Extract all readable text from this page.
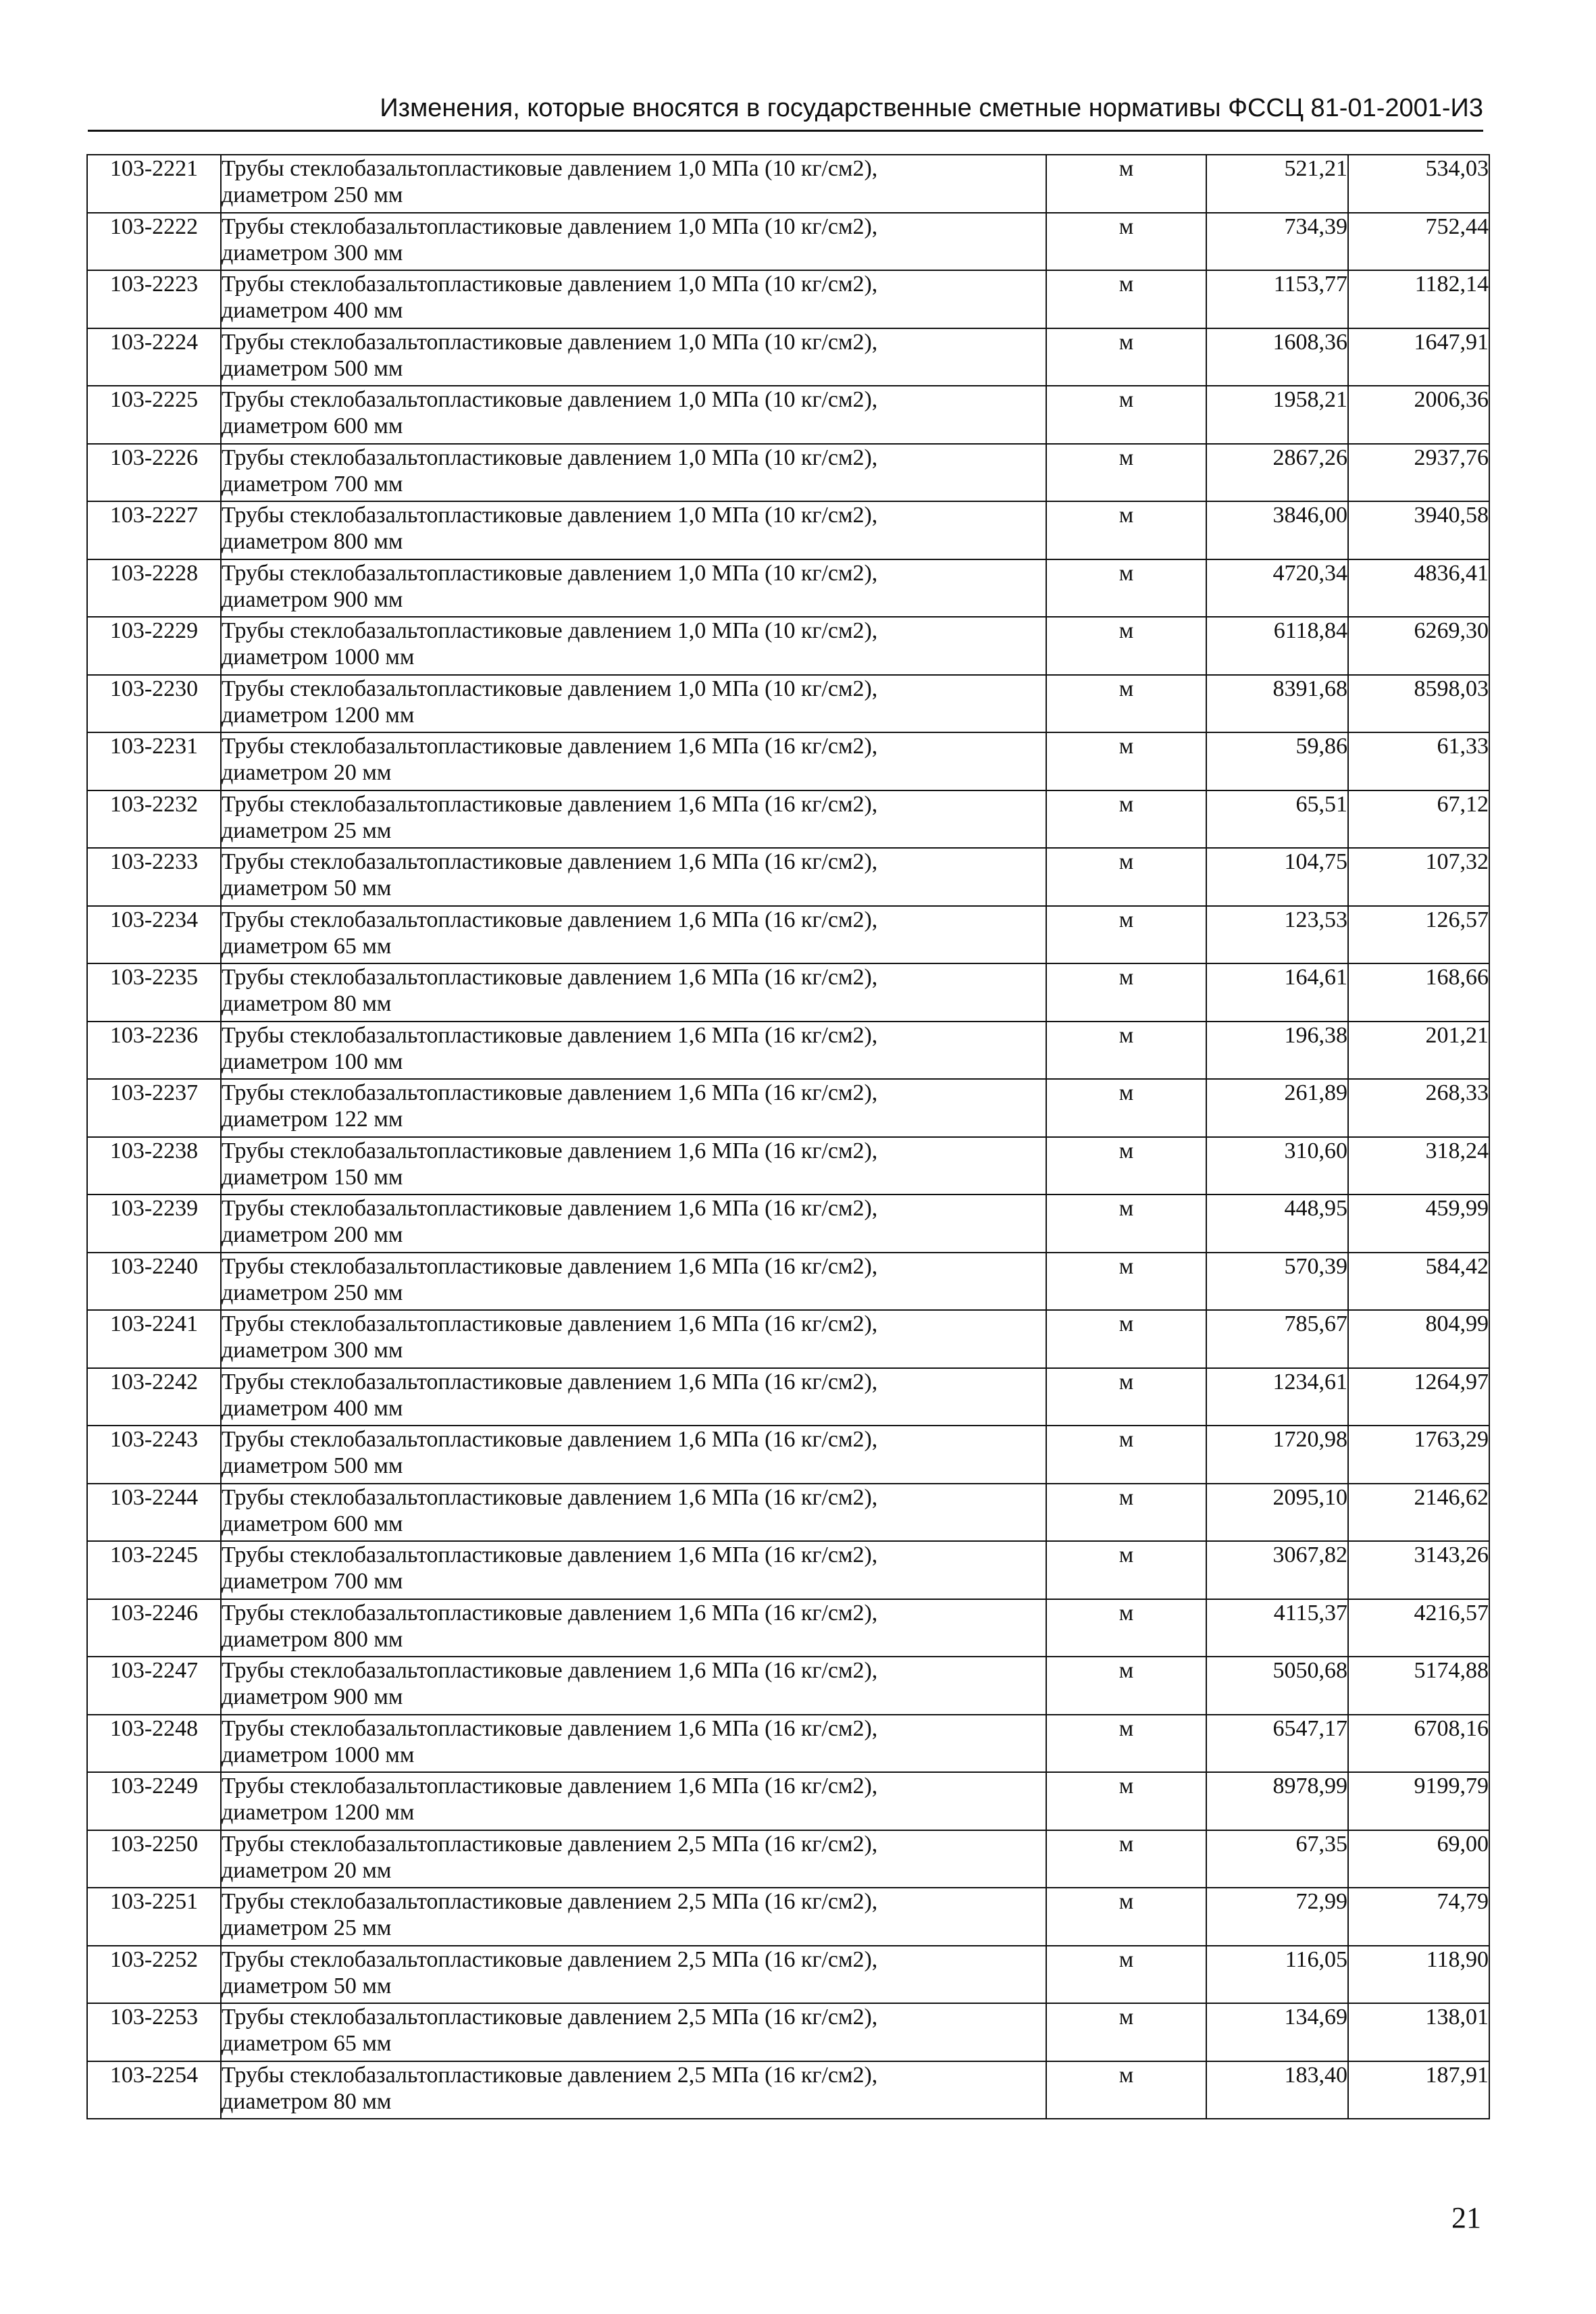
Изменения, которые вносятся в государственные сметные нормативы ФССЦ 81-01-2001-И3
103-2221	Трубы стеклобазальтопластиковые давлением 1,0 МПа (10 кг/см2),
диаметром 250 мм	м	521,21	534,03
103-2222	Трубы стеклобазальтопластиковые давлением 1,0 МПа (10 кг/см2),
диаметром 300 мм	м	734,39	752,44
103-2223	Трубы стеклобазальтопластиковые давлением 1,0 МПа (10 кг/см2),
диаметром 400 мм	м	1153,77	1182,14
103-2224	Трубы стеклобазальтопластиковые давлением 1,0 МПа (10 кг/см2),
диаметром 500 мм	м	1608,36	1647,91
103-2225	Трубы стеклобазальтопластиковые давлением 1,0 МПа (10 кг/см2),
диаметром 600 мм	м	1958,21	2006,36
103-2226	Трубы стеклобазальтопластиковые давлением 1,0 МПа (10 кг/см2),
диаметром 700 мм	м	2867,26	2937,76
103-2227	Трубы стеклобазальтопластиковые давлением 1,0 МПа (10 кг/см2),
диаметром 800 мм	м	3846,00	3940,58
103-2228	Трубы стеклобазальтопластиковые давлением 1,0 МПа (10 кг/см2),
диаметром 900 мм	м	4720,34	4836,41
103-2229	Трубы стеклобазальтопластиковые давлением 1,0 МПа (10 кг/см2),
диаметром 1000 мм	м	6118,84	6269,30
103-2230	Трубы стеклобазальтопластиковые давлением 1,0 МПа (10 кг/см2),
диаметром 1200 мм	м	8391,68	8598,03
103-2231	Трубы стеклобазальтопластиковые давлением 1,6 МПа (16 кг/см2),
диаметром 20 мм	м	59,86	61,33
103-2232	Трубы стеклобазальтопластиковые давлением 1,6 МПа (16 кг/см2),
диаметром 25 мм	м	65,51	67,12
103-2233	Трубы стеклобазальтопластиковые давлением 1,6 МПа (16 кг/см2),
диаметром 50 мм	м	104,75	107,32
103-2234	Трубы стеклобазальтопластиковые давлением 1,6 МПа (16 кг/см2),
диаметром 65 мм	м	123,53	126,57
103-2235	Трубы стеклобазальтопластиковые давлением 1,6 МПа (16 кг/см2),
диаметром 80 мм	м	164,61	168,66
103-2236	Трубы стеклобазальтопластиковые давлением 1,6 МПа (16 кг/см2),
диаметром 100 мм	м	196,38	201,21
103-2237	Трубы стеклобазальтопластиковые давлением 1,6 МПа (16 кг/см2),
диаметром 122 мм	м	261,89	268,33
103-2238	Трубы стеклобазальтопластиковые давлением 1,6 МПа (16 кг/см2),
диаметром 150 мм	м	310,60	318,24
103-2239	Трубы стеклобазальтопластиковые давлением 1,6 МПа (16 кг/см2),
диаметром 200 мм	м	448,95	459,99
103-2240	Трубы стеклобазальтопластиковые давлением 1,6 МПа (16 кг/см2),
диаметром 250 мм	м	570,39	584,42
103-2241	Трубы стеклобазальтопластиковые давлением 1,6 МПа (16 кг/см2),
диаметром 300 мм	м	785,67	804,99
103-2242	Трубы стеклобазальтопластиковые давлением 1,6 МПа (16 кг/см2),
диаметром 400 мм	м	1234,61	1264,97
103-2243	Трубы стеклобазальтопластиковые давлением 1,6 МПа (16 кг/см2),
диаметром 500 мм	м	1720,98	1763,29
103-2244	Трубы стеклобазальтопластиковые давлением 1,6 МПа (16 кг/см2),
диаметром 600 мм	м	2095,10	2146,62
103-2245	Трубы стеклобазальтопластиковые давлением 1,6 МПа (16 кг/см2),
диаметром 700 мм	м	3067,82	3143,26
103-2246	Трубы стеклобазальтопластиковые давлением 1,6 МПа (16 кг/см2),
диаметром 800 мм	м	4115,37	4216,57
103-2247	Трубы стеклобазальтопластиковые давлением 1,6 МПа (16 кг/см2),
диаметром 900 мм	м	5050,68	5174,88
103-2248	Трубы стеклобазальтопластиковые давлением 1,6 МПа (16 кг/см2),
диаметром 1000 мм	м	6547,17	6708,16
103-2249	Трубы стеклобазальтопластиковые давлением 1,6 МПа (16 кг/см2),
диаметром 1200 мм	м	8978,99	9199,79
103-2250	Трубы стеклобазальтопластиковые давлением 2,5 МПа (16 кг/см2),
диаметром 20 мм	м	67,35	69,00
103-2251	Трубы стеклобазальтопластиковые давлением 2,5 МПа (16 кг/см2),
диаметром 25 мм	м	72,99	74,79
103-2252	Трубы стеклобазальтопластиковые давлением 2,5 МПа (16 кг/см2),
диаметром 50 мм	м	116,05	118,90
103-2253	Трубы стеклобазальтопластиковые давлением 2,5 МПа (16 кг/см2),
диаметром 65 мм	м	134,69	138,01
103-2254	Трубы стеклобазальтопластиковые давлением 2,5 МПа (16 кг/см2),
диаметром 80 мм	м	183,40	187,91
21
